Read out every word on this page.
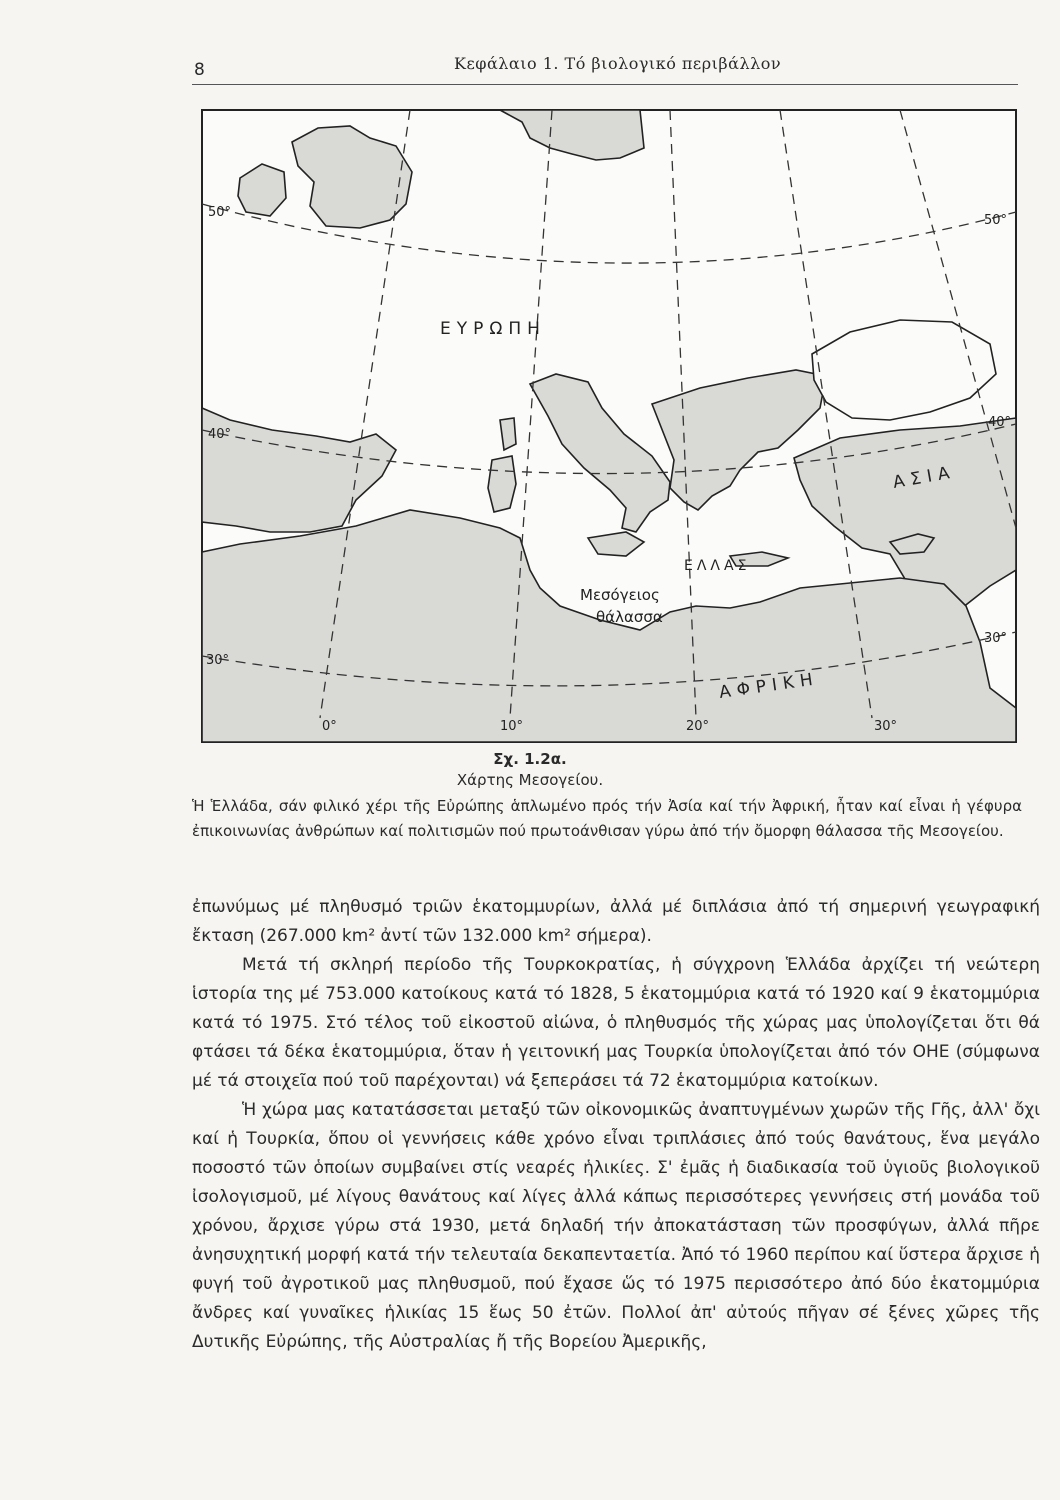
8	Κεφάλαιο 1. Τό βιολογικό περιβάλλον
50°
50°
40°
40°
30°
30°
0°	10°	20°	30°
ΕΥΡΩΠΗ
ΑΣΙΑ
ΑΦΡΙΚΗ
ΕΛΛΑΣ
Μεσόγειος
θάλασσα
Σχ. 1.2α.
Χάρτης Μεσογείου.
Ἡ Ἑλλάδα, σάν φιλικό χέρι τῆς Εὐρώπης ἁπλωμένο πρός τήν Ἀσία καί τήν Ἀφρική, ἦταν καί εἶναι ἡ γέφυρα ἐπικοινωνίας ἀνθρώπων καί πολιτισμῶν πού πρωτοάνθισαν γύρω ἀπό τήν ὄμορφη θάλασσα τῆς Μεσογείου.

ἐπωνύμως μέ πληθυσμό τριῶν ἑκατομμυρίων, ἀλλά μέ διπλάσια ἀπό τή σημερινή γεωγραφική ἔκταση (267.000 km² ἀντί τῶν 132.000 km² σήμερα).

Μετά τή σκληρή περίοδο τῆς Τουρκοκρατίας, ἡ σύγχρονη Ἑλλάδα ἀρχίζει τή νεώτερη ἱστορία της μέ 753.000 κατοίκους κατά τό 1828, 5 ἑκατομμύρια κατά τό 1920 καί 9 ἑκατομμύρια κατά τό 1975. Στό τέλος τοῦ εἰκοστοῦ αἰώνα, ὁ πληθυσμός τῆς χώρας μας ὑπολογίζεται ὅτι θά φτάσει τά δέκα ἑκατομμύρια, ὅταν ἡ γειτονική μας Τουρκία ὑπολογίζεται ἀπό τόν ΟΗΕ (σύμφωνα μέ τά στοιχεῖα πού τοῦ παρέχονται) νά ξεπεράσει τά 72 ἑκατομμύρια κατοίκων.

Ἡ χώρα μας κατατάσσεται μεταξύ τῶν οἰκονομικῶς ἀναπτυγμένων χωρῶν τῆς Γῆς, ἀλλ' ὄχι καί ἡ Τουρκία, ὅπου οἱ γεννήσεις κάθε χρόνο εἶναι τριπλάσιες ἀπό τούς θανάτους, ἕνα μεγάλο ποσοστό τῶν ὁποίων συμβαίνει στίς νεαρές ἡλικίες. Σ' ἐμᾶς ἡ διαδικασία τοῦ ὑγιοῦς βιολογικοῦ ἰσολογισμοῦ, μέ λίγους θανάτους καί λίγες ἀλλά κάπως περισσότερες γεννήσεις στή μονάδα τοῦ χρόνου, ἄρχισε γύρω στά 1930, μετά δηλαδή τήν ἀποκατάσταση τῶν προσφύγων, ἀλλά πῆρε ἀνησυχητική μορφή κατά τήν τελευταία δεκαπενταετία. Ἀπό τό 1960 περίπου καί ὕστερα ἄρχισε ἡ φυγή τοῦ ἀγροτικοῦ μας πληθυσμοῦ, πού ἔχασε ὥς τό 1975 περισσότερο ἀπό δύο ἑκατομμύρια ἄνδρες καί γυναῖκες ἡλικίας 15 ἕως 50 ἐτῶν. Πολλοί ἀπ' αὐτούς πῆγαν σέ ξένες χῶρες τῆς Δυτικῆς Εὐρώπης, τῆς Αὐστραλίας ἤ τῆς Βορείου Ἀμερικῆς,
